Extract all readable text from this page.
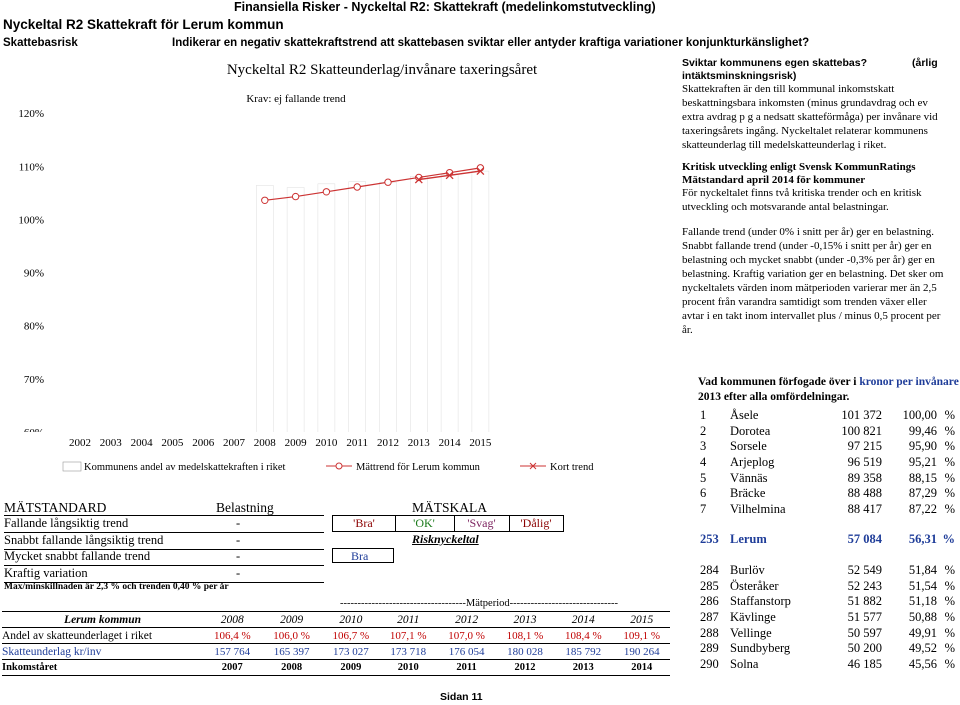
Finansiella Risker - Nyckeltal R2: Skattekraft (medelinkomstutveckling)
Nyckeltal R2 Skattekraft för Lerum kommun
Skattebasrisk	Indikerar en negativ skattekraftstrend att skattebasen sviktar eller antyder kraftiga variationer konjunkturkänslighet?
Nyckeltal R2 Skatteunderlag/invånare taxeringsåret
Krav: ej fallande trend
70%
80%
90%
100%
110%
120%
2002 2003 2004 2005 2006 2007 2008 2009 2010 2011 2012 2013 2014 2015
Kommunens andel av medelskattekraften i riket	Mättrend för Lerum kommun	Kort trend
Sviktar kommunens egen skattebas?	(årlig
intäktsminskningsrisk)
Skattekraften är den till kommunal inkomstskatt
beskattningsbara inkomsten (minus grundavdrag och ev
extra avdrag p g a nedsatt skatteförmåga) per invånare vid
taxeringsårets ingång. Nyckeltalet relaterar kommunens
skatteunderlag till medelskatteunderlag i riket.
Kritisk utveckling enligt Svensk KommunRatings
Mätstandard april 2014 för kommuner
För nyckeltalet finns två kritiska trender och en kritisk
utveckling och motsvarande antal belastningar.
Fallande trend (under 0% i snitt per år) ger en belastning.
Snabbt fallande trend (under -0,15% i snitt per år) ger en
belastning och mycket snabbt (under -0,3% per år) ger en
belastning. Kraftig variation ger en belastning. Det sker om
nyckeltalets värden inom mätperioden varierar mer än 2,5
procent från varandra samtidigt som trenden växer eller
avtar i en takt inom intervallet plus / minus 0,5 procent per
år.
Vad kommunen förfogade över i kronor per invånare
2013 efter alla omfördelningar.
1	Åsele	101 372	100,00	%
2	Dorotea	100 821	99,46	%
3	Sorsele	97 215	95,90	%
4	Arjeplog	96 519	95,21	%
5	Vännäs	89 358	88,15	%
6	Bräcke	88 488	87,29	%
7	Vilhelmina	88 417	87,22	%
253	Lerum	57 084	56,31	%
284	Burlöv	52 549	51,84	%
285	Österåker	52 243	51,54	%
286	Staffanstorp	51 882	51,18	%
287	Kävlinge	51 577	50,88	%
288	Vellinge	50 597	49,91	%
289	Sundbyberg	50 200	49,52	%
290	Solna	46 185	45,56	%
MÄTSTANDARD	Belastning	MÄTSKALA
Fallande långsiktig trend	-
Snabbt fallande långsiktig trend	-
Mycket snabbt fallande trend	-
Kraftig variation	-
'Bra'	'OK'	'Svag'	'Dålig'
Risknyckeltal
Bra
Max/minskillnaden är 2,3 % och trenden 0,40 % per år
------------------------------------Mätperiod-------------------------------
Lerum kommun	2008	2009	2010	2011	2012	2013	2014	2015
Andel av skatteunderlaget i riket	106,4 %	106,0 %	106,7 %	107,1 %	107,0 %	108,1 %	108,4 %	109,1 %
Skatteunderlag kr/inv	157 764	165 397	173 027	173 718	176 054	180 028	185 792	190 264
Inkomståret	2007	2008	2009	2010	2011	2012	2013	2014
Sidan 11
